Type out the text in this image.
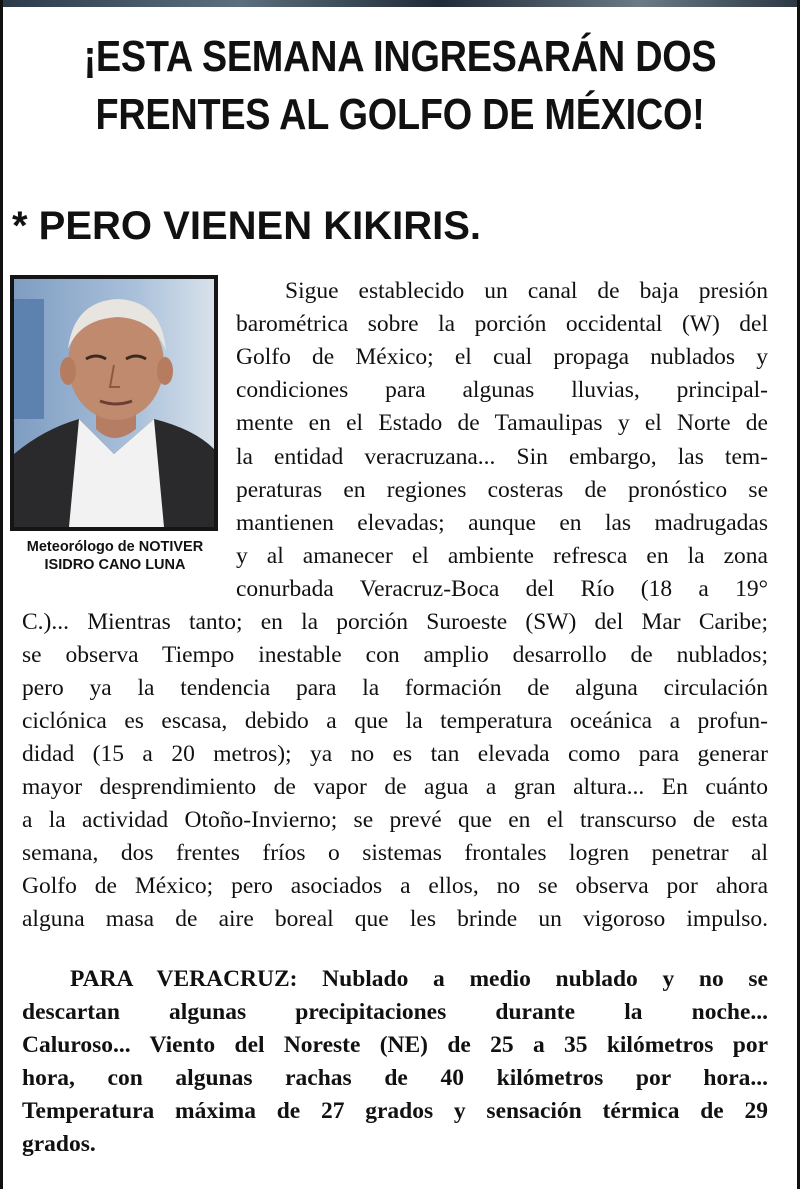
¡ESTA SEMANA INGRESARÁN DOS
FRENTES AL GOLFO DE MÉXICO!
* PERO VIENEN KIKIRIS.
Meteorólogo de NOTIVER
ISIDRO CANO LUNA
Sigue establecido un canal de baja presión
barométrica sobre la porción occidental (W) del
Golfo de México; el cual propaga nublados y
condiciones para algunas lluvias, principal-
mente en el Estado de Tamaulipas y el Norte de
la entidad veracruzana... Sin embargo, las tem-
peraturas en regiones costeras de pronóstico se
mantienen elevadas; aunque en las madrugadas
y al amanecer el ambiente refresca en la zona
conurbada Veracruz-Boca del Río (18 a 19°
C.)... Mientras tanto; en la porción Suroeste (SW) del Mar Caribe;
se observa Tiempo inestable con amplio desarrollo de nublados;
pero ya la tendencia para la formación de alguna circulación
ciclónica es escasa, debido a que la temperatura oceánica a profun-
didad (15 a 20 metros); ya no es tan elevada como para generar
mayor desprendimiento de vapor de agua a gran altura... En cuánto
a la actividad Otoño-Invierno; se prevé que en el transcurso de esta
semana, dos frentes fríos o sistemas frontales logren penetrar al
Golfo de México; pero asociados a ellos, no se observa por ahora
alguna masa de aire boreal que les brinde un vigoroso impulso.
PARA VERACRUZ: Nublado a medio nublado y no se
descartan algunas precipitaciones durante la noche...
Caluroso... Viento del Noreste (NE) de 25 a 35 kilómetros por
hora, con algunas rachas de 40 kilómetros por hora...
Temperatura máxima de 27 grados y sensación térmica de 29
grados.
